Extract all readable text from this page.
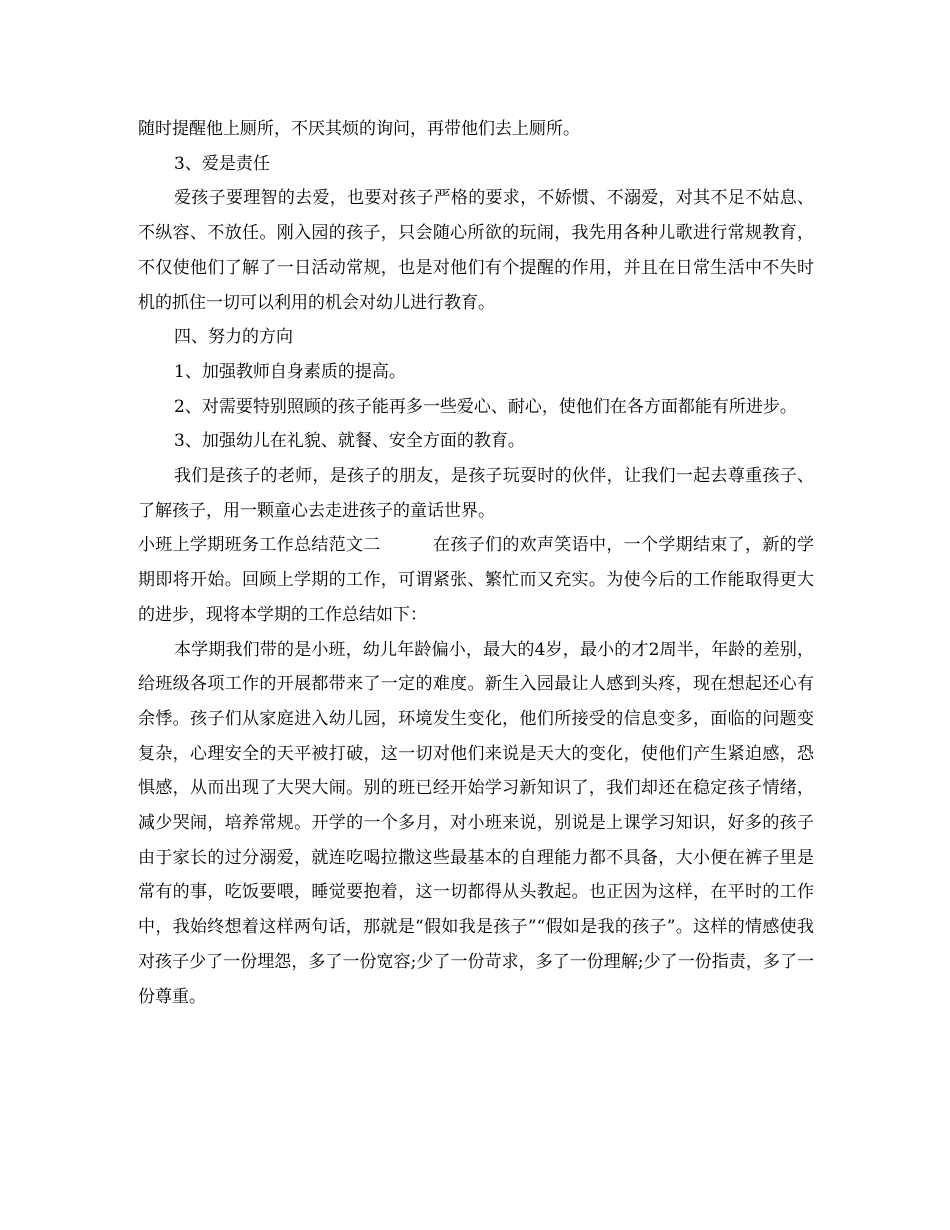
随时提醒他上厕所，不厌其烦的询问，再带他们去上厕所。

3、爱是责任

爱孩子要理智的去爱，也要对孩子严格的要求，不娇惯、不溺爱，对其不足不姑息、不纵容、不放任。刚入园的孩子，只会随心所欲的玩闹，我先用各种儿歌进行常规教育，不仅使他们了解了一日活动常规，也是对他们有个提醒的作用，并且在日常生活中不失时机的抓住一切可以利用的机会对幼儿进行教育。

四、努力的方向

1、加强教师自身素质的提高。

2、对需要特别照顾的孩子能再多一些爱心、耐心，使他们在各方面都能有所进步。

3、加强幼儿在礼貌、就餐、安全方面的教育。

我们是孩子的老师，是孩子的朋友，是孩子玩耍时的伙伴，让我们一起去尊重孩子、了解孩子，用一颗童心去走进孩子的童话世界。

小班上学期班务工作总结范文二	在孩子们的欢声笑语中，一个学期结束了，新的学期即将开始。回顾上学期的工作，可谓紧张、繁忙而又充实。为使今后的工作能取得更大的进步，现将本学期的工作总结如下：

本学期我们带的是小班，幼儿年龄偏小，最大的4岁，最小的才2周半，年龄的差别，给班级各项工作的开展都带来了一定的难度。新生入园最让人感到头疼，现在想起还心有余悸。孩子们从家庭进入幼儿园，环境发生变化，他们所接受的信息变多，面临的问题变复杂，心理安全的天平被打破，这一切对他们来说是天大的变化，使他们产生紧迫感，恐惧感，从而出现了大哭大闹。别的班已经开始学习新知识了，我们却还在稳定孩子情绪，减少哭闹，培养常规。开学的一个多月，对小班来说，别说是上课学习知识，好多的孩子由于家长的过分溺爱，就连吃喝拉撒这些最基本的自理能力都不具备，大小便在裤子里是常有的事，吃饭要喂，睡觉要抱着，这一切都得从头教起。也正因为这样，在平时的工作中，我始终想着这样两句话，那就是“假如我是孩子”“假如是我的孩子”。这样的情感使我对孩子少了一份埋怨，多了一份宽容;少了一份苛求，多了一份理解;少了一份指责，多了一份尊重。
